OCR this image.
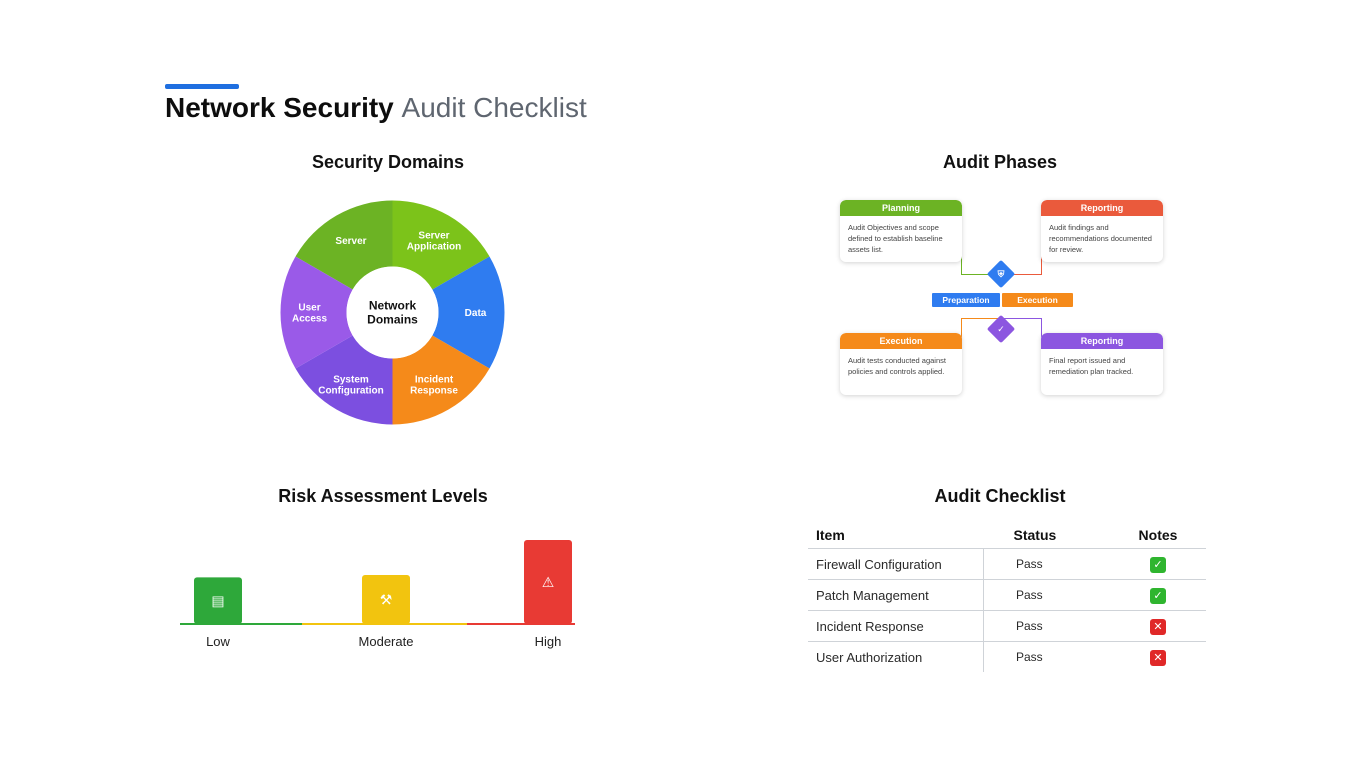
Network Security Audit Checklist
Security Domains
Server	Server Application
Data
Incident Response
System Configuration
User Access
Network Domains
Audit Phases
Planning
Audit Objectives and scope defined to establish baseline assets list.
Reporting
Audit findings and recommendations documented for review.
Execution
Audit tests conducted against policies and controls applied.
Reporting
Final report issued and remediation plan tracked.
⛨
✓
Preparation	Execution
Risk Assessment Levels
▤
Low
⚒
Moderate
⚠
High
Audit Checklist
Item	Status	Notes
Firewall Configuration	Pass	✓
Patch Management	Pass	✓
Incident Response	Pass	✕
User Authorization	Pass	✕
